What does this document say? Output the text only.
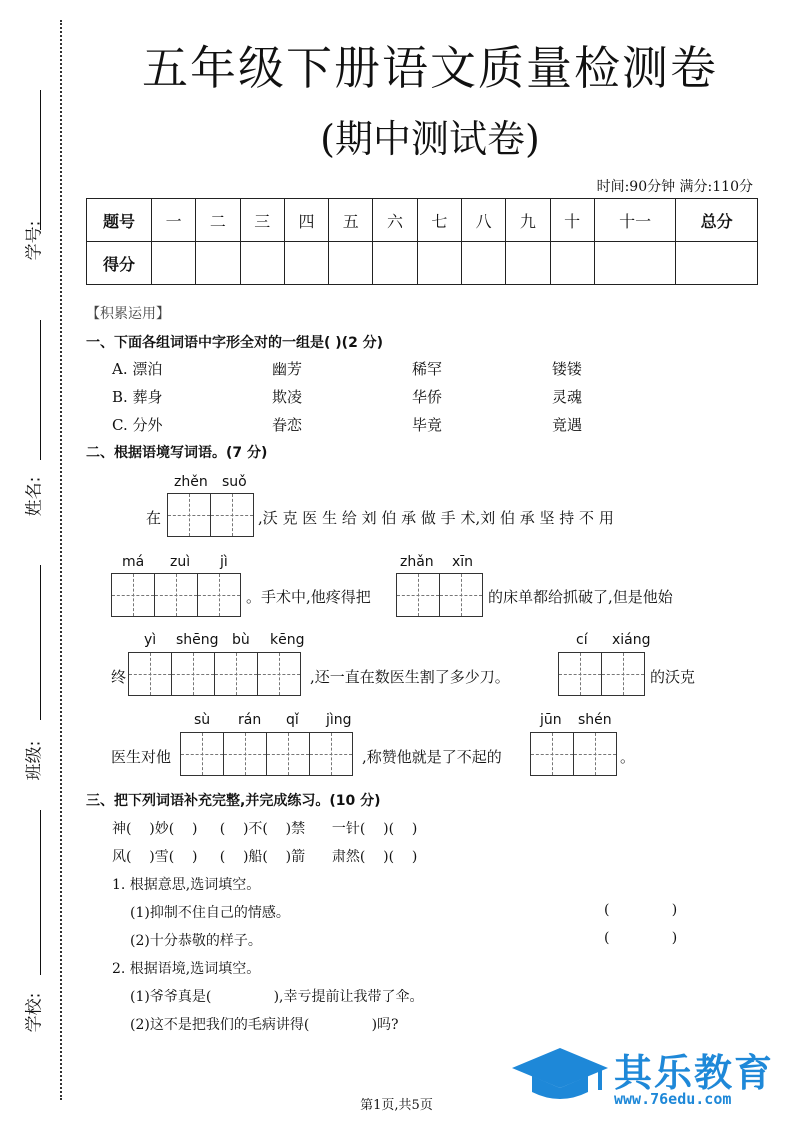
学号:
姓名:
班级:
学校:
五年级下册语文质量检测卷
(期中测试卷)
时间:90分钟 满分:110分
题号	一	二	三	四	五	六	七	八	九	十	十一	总分
得分												
【积累运用】
一、下面各组词语中字形全对的一组是( )(2 分)
A. 漂泊	幽芳	稀罕	镂镂
B. 葬身	欺凌	华侨	灵魂
C. 分外	眷恋	毕竟	竟遇
二、根据语境写词语。(7 分)
zhěn suǒ
在	,沃 克 医 生 给 刘 伯 承 做 手 术,刘 伯 承 坚 持 不 用
má zuì jì
。手术中,他疼得把
zhǎn xīn
的床单都给抓破了,但是他始
终
yì shēng bù kēng
,还一直在数医生割了多少刀。
cí xiáng
的沃克
医生对他
sù rán qǐ jìng
,称赞他就是了不起的
jūn shén
。
三、把下列词语补充完整,并完成练习。(10 分)
神(    )妙(    )     (    )不(    )禁      一针(    )(    )
风(    )雪(    )     (    )船(    )箭      肃然(    )(    )
1. 根据意思,选词填空。
(1)抑制不住自己的情感。	(              )
(2)十分恭敬的样子。	(              )
2. 根据语境,选词填空。
(1)爷爷真是(              ),幸亏提前让我带了伞。
(2)这不是把我们的毛病讲得(              )吗?
其乐教育
www.76edu.com
第1页,共5页
